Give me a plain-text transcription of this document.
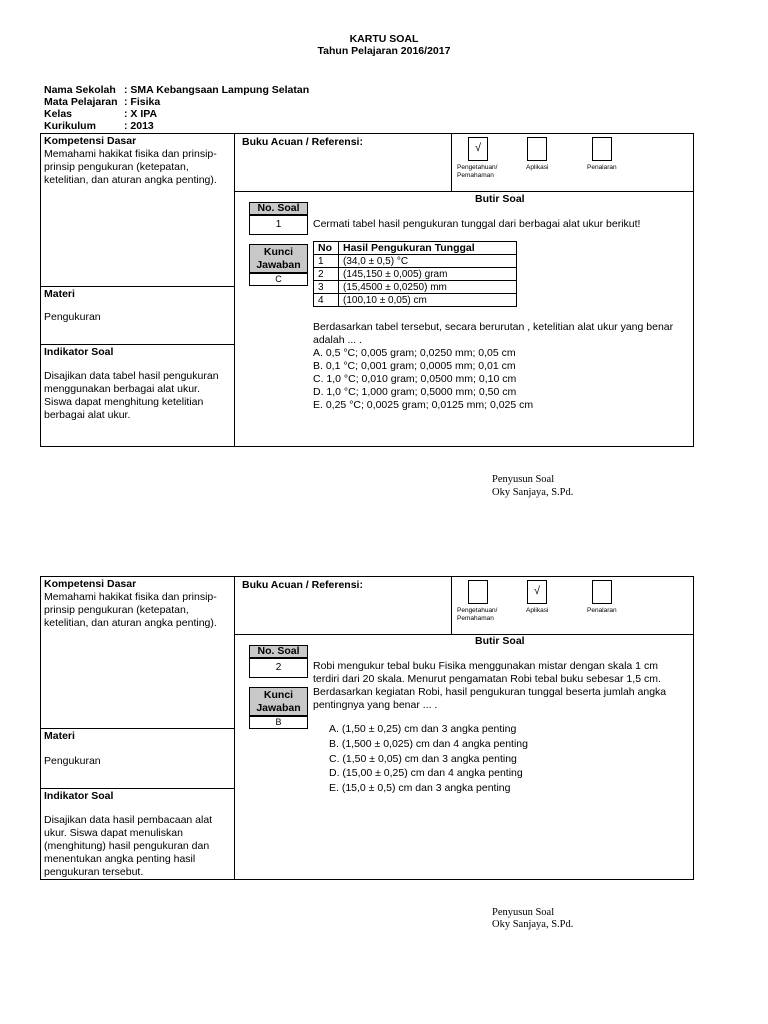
KARTU SOAL
Tahun Pelajaran 2016/2017
Nama Sekolah : SMA Kebangsaan Lampung Selatan
Mata Pelajaran : Fisika
Kelas	: X IPA
Kurikulum	: 2013
Kompetensi Dasar
Memahami hakikat fisika dan prinsip-
prinsip pengukuran (ketepatan,
ketelitian, dan aturan angka penting).
Materi
Pengukuran
Indikator Soal
Disajikan data tabel hasil pengukuran
menggunakan berbagai alat ukur.
Siswa dapat menghitung ketelitian
berbagai alat ukur.
Buku Acuan / Referensi:	√
Pengetahuan/
Pemahaman
Aplikasi	Penalaran
Butir Soal
No. Soal
1
Kunci
Jawaban
C
Cermati tabel hasil pengukuran tunggal dari berbagai alat ukur berikut!
No	Hasil Pengukuran Tunggal
1	(34,0 ± 0,5) °C
2	(145,150 ± 0,005) gram
3	(15,4500 ± 0,0250) mm
4	(100,10 ± 0,05) cm
Berdasarkan tabel tersebut, secara berurutan , ketelitian alat ukur yang benar
adalah ... .
A. 0,5 °C; 0,005 gram; 0,0250 mm; 0,05 cm
B. 0,1 °C; 0,001 gram; 0,0005 mm; 0,01 cm
C. 1,0 °C; 0,010 gram; 0,0500 mm; 0,10 cm
D. 1,0 °C; 1,000 gram; 0,5000 mm; 0,50 cm
E. 0,25 °C; 0,0025 gram; 0,0125 mm; 0,025 cm
Penyusun Soal
Oky Sanjaya, S.Pd.
Kompetensi Dasar
Memahami hakikat fisika dan prinsip-
prinsip pengukuran (ketepatan,
ketelitian, dan aturan angka penting).
Materi
Pengukuran
Indikator Soal
Disajikan data hasil pembacaan alat
ukur. Siswa dapat menuliskan
(menghitung) hasil pengukuran dan
menentukan angka penting hasil
pengukuran tersebut.
Buku Acuan / Referensi:	√
Pengetahuan/
Pemahaman
Aplikasi	Penalaran
Butir Soal
No. Soal
2
Kunci
Jawaban
B
Robi mengukur tebal buku Fisika menggunakan mistar dengan skala 1 cm
terdiri dari 20 skala. Menurut pengamatan Robi tebal buku sebesar 1,5 cm.
Berdasarkan kegiatan Robi, hasil pengukuran tunggal beserta jumlah angka
pentingnya yang benar ... .
A. (1,50 ± 0,25) cm dan 3 angka penting
B. (1,500 ± 0,025) cm dan 4 angka penting
C. (1,50 ± 0,05) cm dan 3 angka penting
D. (15,00 ± 0,25) cm dan 4 angka penting
E. (15,0 ± 0,5) cm dan 3 angka penting
Penyusun Soal
Oky Sanjaya, S.Pd.
